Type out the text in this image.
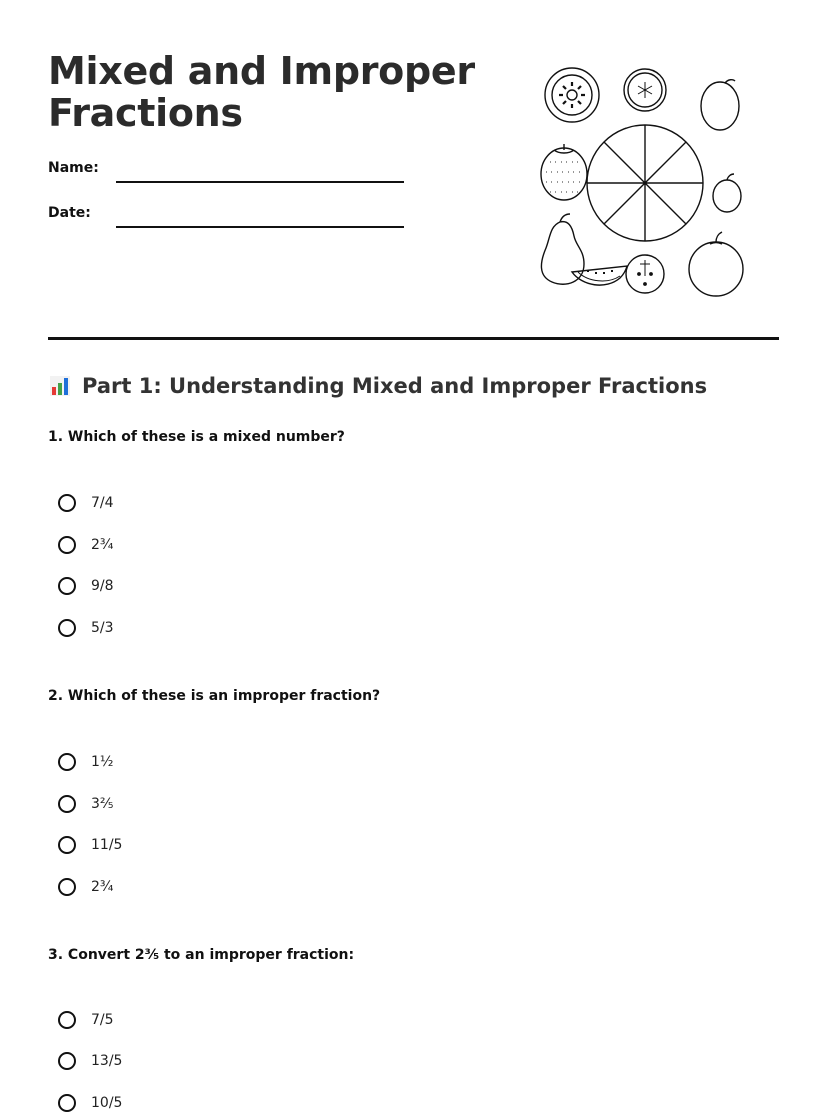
Mixed and Improper Fractions
Name:
Date:
Part 1: Understanding Mixed and Improper Fractions
1. Which of these is a mixed number?
7/4
2¾
9/8
5/3
2. Which of these is an improper fraction?
1½
3⅖
11/5
2¾
3. Convert 2⅗ to an improper fraction:
7/5
13/5
10/5
